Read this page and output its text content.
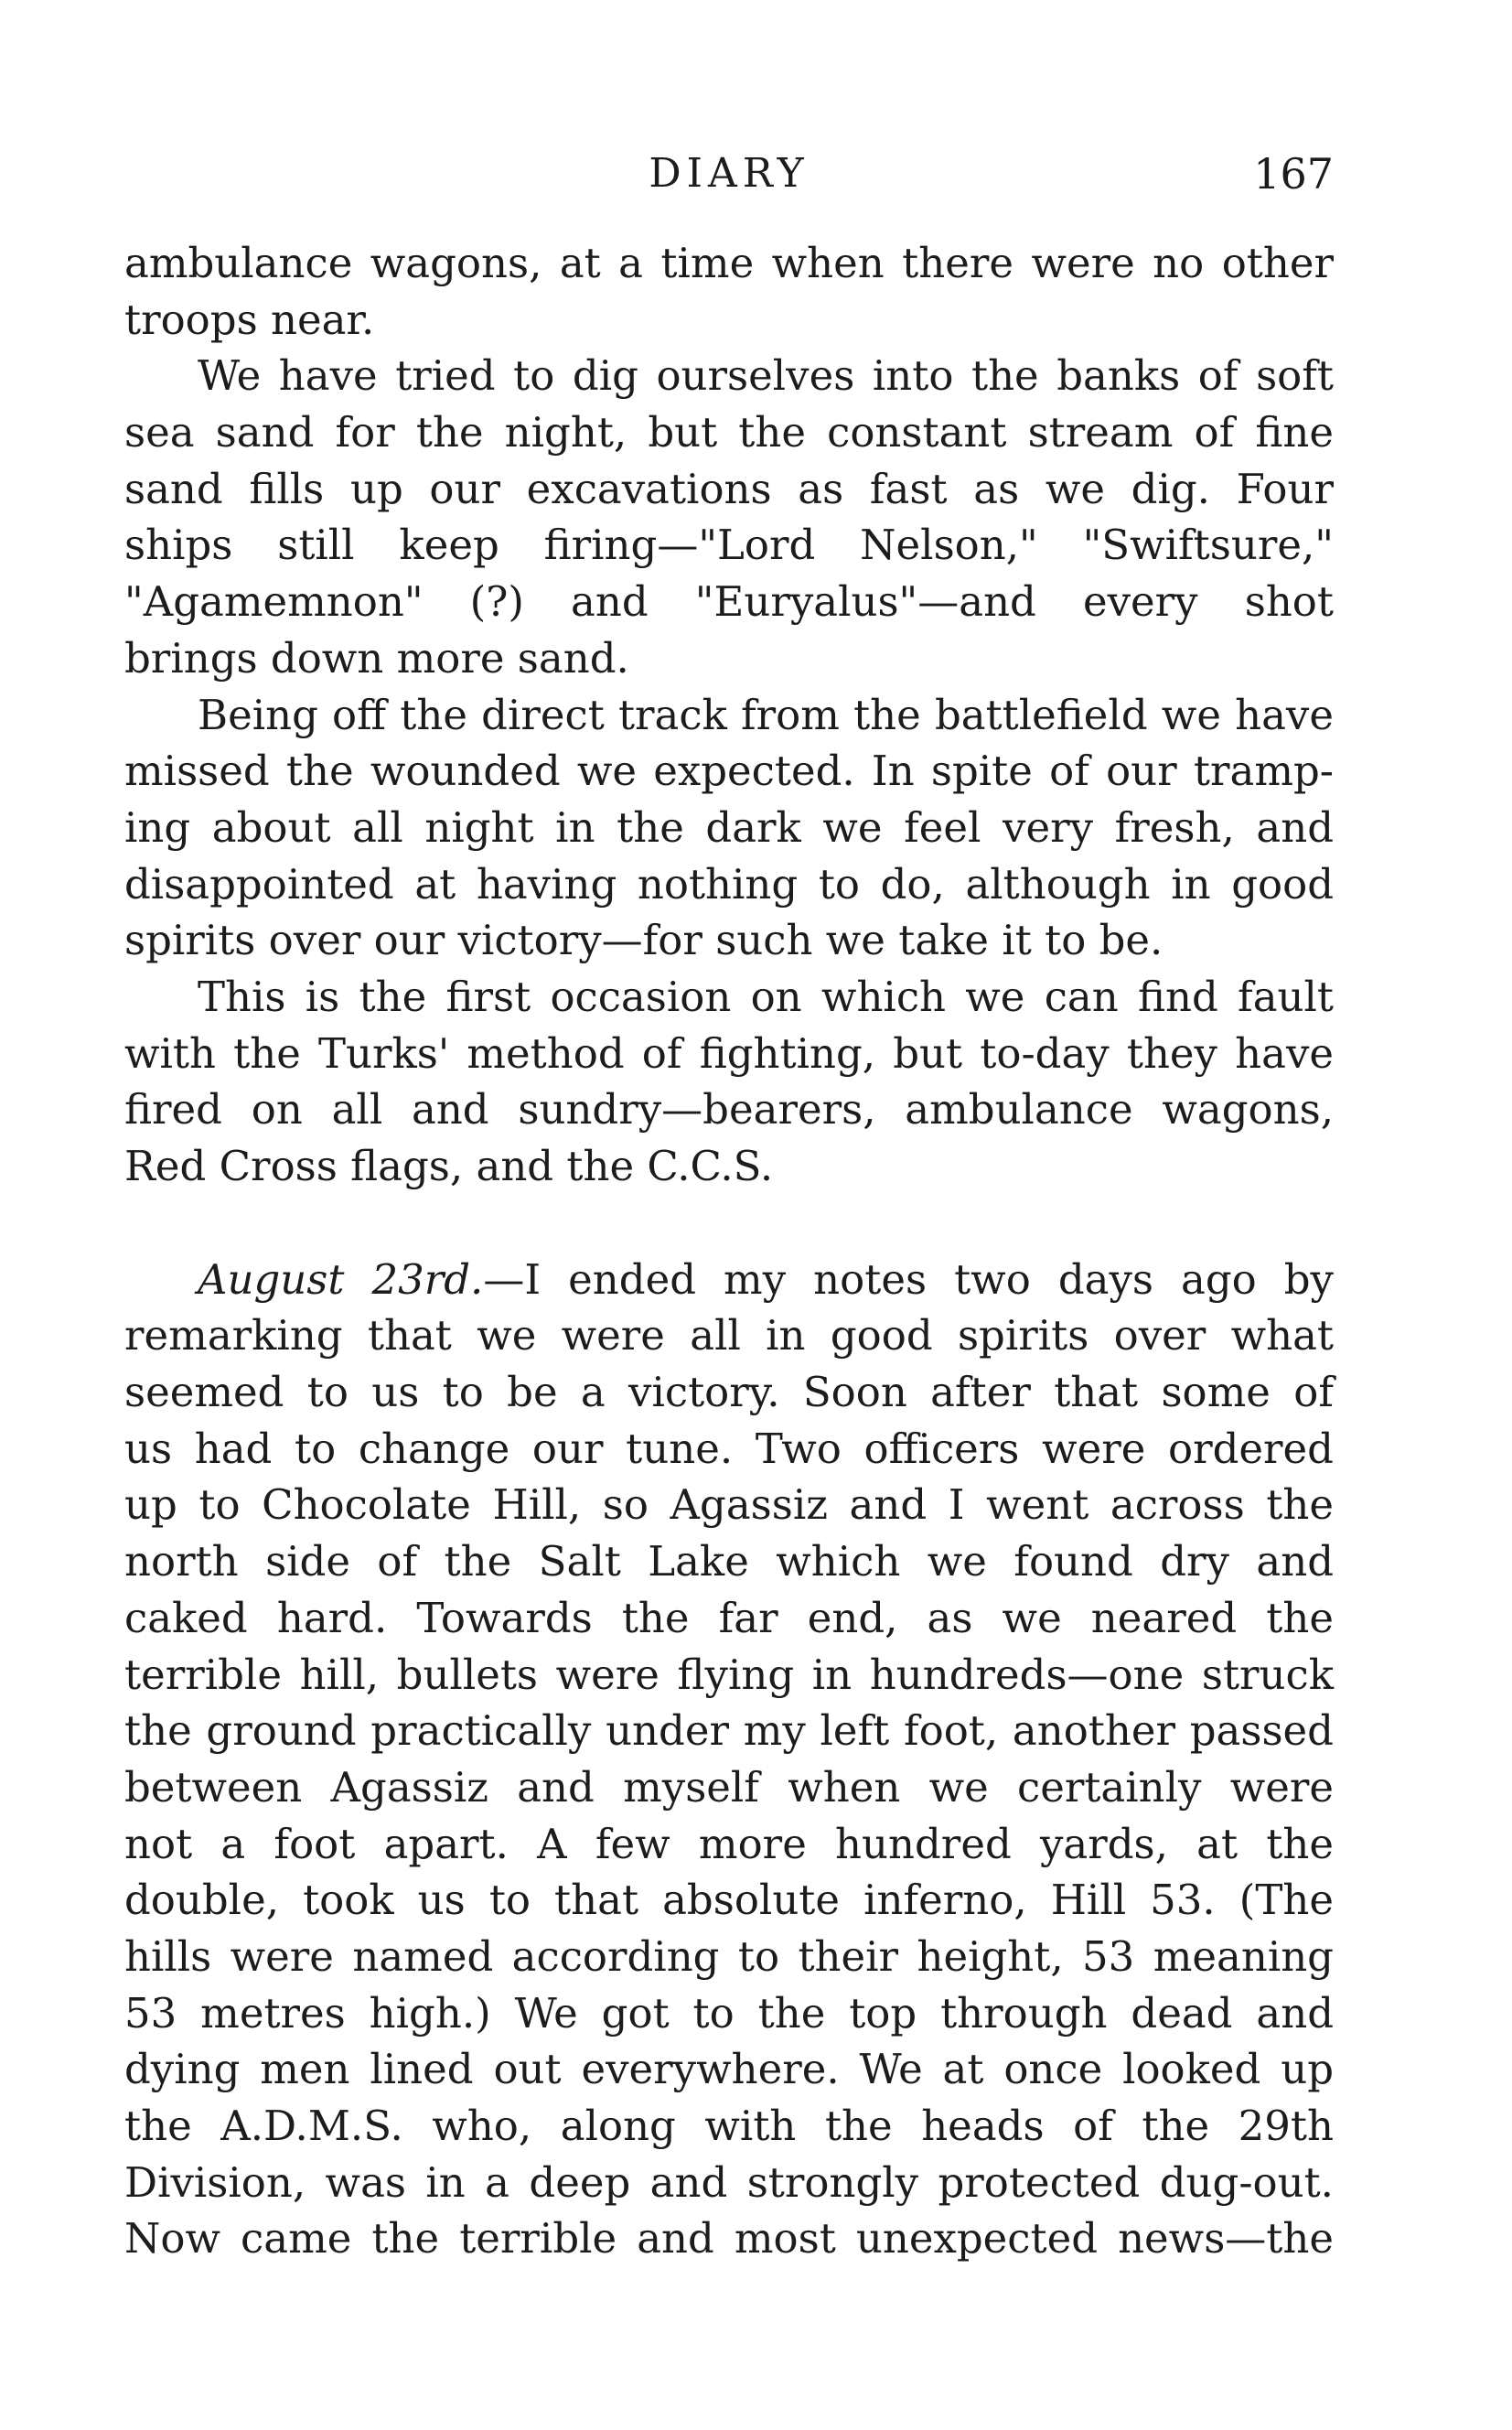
DIARY	167
ambulance wagons, at a time when there were no other
troops near.
We have tried to dig ourselves into the banks of soft
sea sand for the night, but the constant stream of fine
sand fills up our excavations as fast as we dig. Four
ships still keep firing—"Lord Nelson," "Swiftsure,"
"Agamemnon" (?) and "Euryalus"—and every shot
brings down more sand.
Being off the direct track from the battlefield we have
missed the wounded we expected. In spite of our tramp-
ing about all night in the dark we feel very fresh, and
disappointed at having nothing to do, although in good
spirits over our victory—for such we take it to be.
This is the first occasion on which we can find fault
with the Turks' method of fighting, but to-day they have
fired on all and sundry—bearers, ambulance wagons,
Red Cross flags, and the C.C.S.
August 23rd.—I ended my notes two days ago by
remarking that we were all in good spirits over what
seemed to us to be a victory. Soon after that some of
us had to change our tune. Two officers were ordered
up to Chocolate Hill, so Agassiz and I went across the
north side of the Salt Lake which we found dry and
caked hard. Towards the far end, as we neared the
terrible hill, bullets were flying in hundreds—one struck
the ground practically under my left foot, another passed
between Agassiz and myself when we certainly were
not a foot apart. A few more hundred yards, at the
double, took us to that absolute inferno, Hill 53. (The
hills were named according to their height, 53 meaning
53 metres high.) We got to the top through dead and
dying men lined out everywhere. We at once looked up
the A.D.M.S. who, along with the heads of the 29th
Division, was in a deep and strongly protected dug-out.
Now came the terrible and most unexpected news—the
